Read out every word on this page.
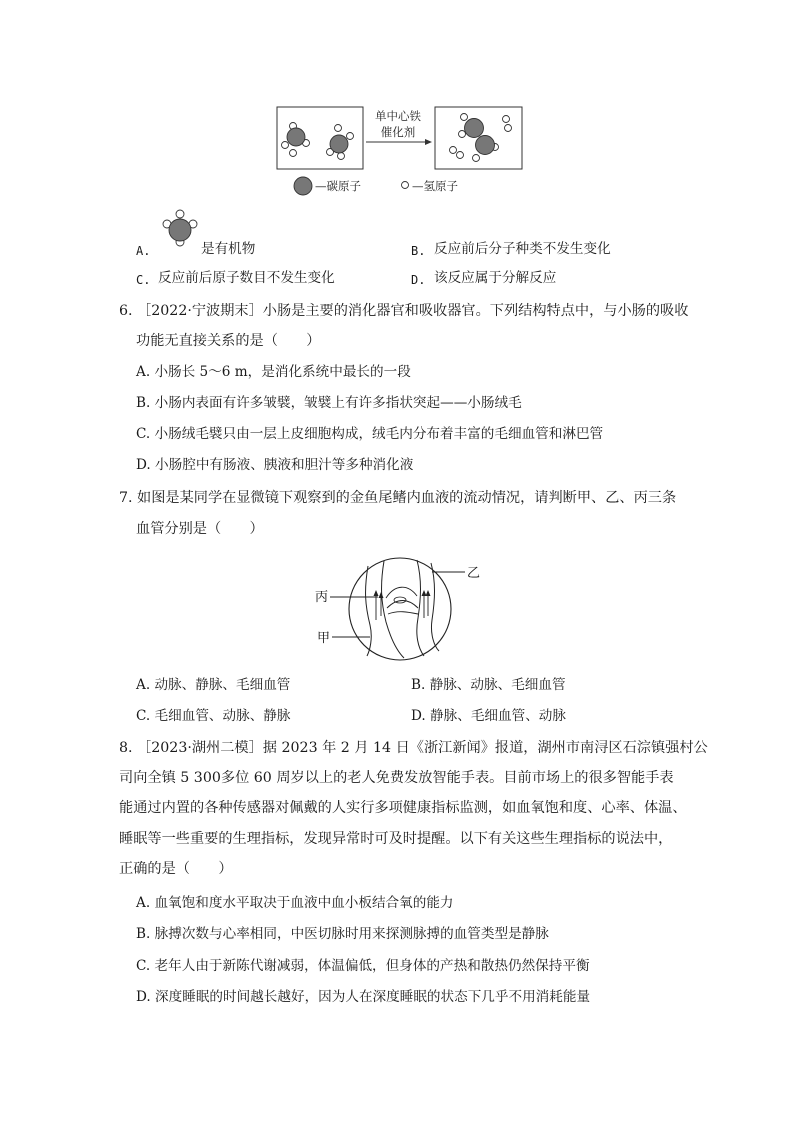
单中心铁
催化剂
—碳原子	—氢原子
A.	是有机物	B. 反应前后分子种类不发生变化
C. 反应前后原子数目不发生变化	D. 该反应属于分解反应
6. ［2022·宁波期末］小肠是主要的消化器官和吸收器官。下列结构特点中，与小肠的吸收
功能无直接关系的是（　　）
A. 小肠长 5～6 m，是消化系统中最长的一段
B. 小肠内表面有许多皱襞，皱襞上有许多指状突起——小肠绒毛
C. 小肠绒毛襞只由一层上皮细胞构成，绒毛内分布着丰富的毛细血管和淋巴管
D. 小肠腔中有肠液、胰液和胆汁等多种消化液
7. 如图是某同学在显微镜下观察到的金鱼尾鳍内血液的流动情况，请判断甲、乙、丙三条
血管分别是（　　）
乙
丙
甲
A. 动脉、静脉、毛细血管	B. 静脉、动脉、毛细血管
C. 毛细血管、动脉、静脉	D. 静脉、毛细血管、动脉
8. ［2023·湖州二模］据 2023 年 2 月 14 日《浙江新闻》报道，湖州市南浔区石淙镇强村公
司向全镇 5 300多位 60 周岁以上的老人免费发放智能手表。目前市场上的很多智能手表
能通过内置的各种传感器对佩戴的人实行多项健康指标监测，如血氧饱和度、心率、体温、
睡眠等一些重要的生理指标，发现异常时可及时提醒。以下有关这些生理指标的说法中，
正确的是（　　）
A. 血氧饱和度水平取决于血液中血小板结合氧的能力
B. 脉搏次数与心率相同，中医切脉时用来探测脉搏的血管类型是静脉
C. 老年人由于新陈代谢减弱，体温偏低，但身体的产热和散热仍然保持平衡
D. 深度睡眠的时间越长越好，因为人在深度睡眠的状态下几乎不用消耗能量
